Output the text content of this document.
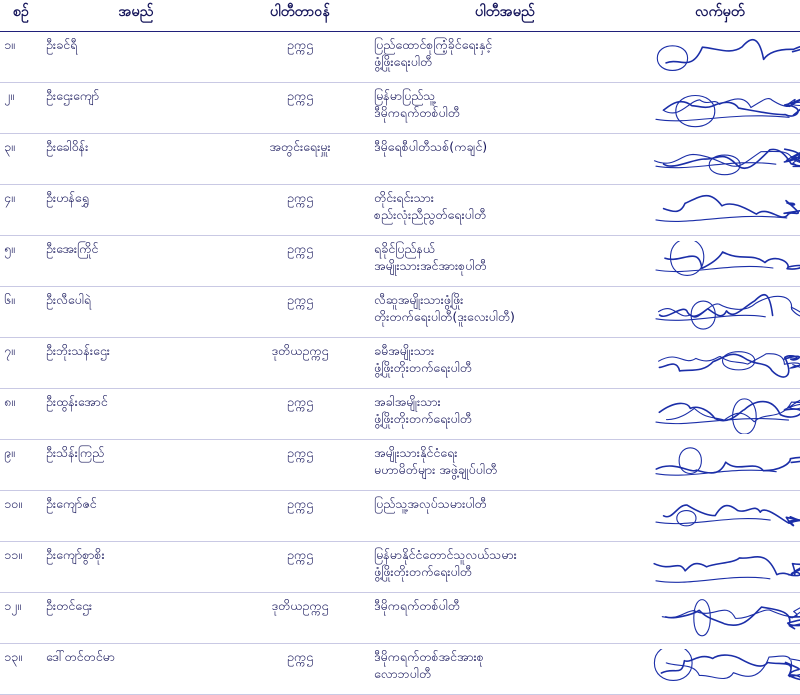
စဉ်	အမည်	ပါတီတာဝန်	ပါတီအမည်	လက်မှတ်
၁။	ဦးခင်ရီ	ဥက္ကဌ	ပြည်ထောင်စုကြံ့ခိုင်ရေးနှင့်
ဖွံ့ဖြိုးရေးပါတီ

၂။	ဦးဌေးကျော်	ဥက္ကဌ	မြန်မာပြည်သူ့
ဒီမိုကရက်တစ်ပါတီ

၃။	ဦးခေါဝိန်း	အတွင်းရေးမှူး	ဒီမိုရေစီပါတီသစ်(ကချင်)

၄။	ဦးဟန်ရွှေ	ဥက္ကဌ	တိုင်းရင်းသား
စည်းလုံးညီညွတ်ရေးပါတီ

၅။	ဦးအေးကြိုင်	ဥက္ကဌ	ရခိုင်ပြည်နယ်
အမျိုးသားအင်အားစုပါတီ

၆။	ဦးလီပေါရဲ	ဥက္ကဌ	လီဆူအမျိုးသားဖွံ့ဖြိုး
တိုးတက်ရေးပါတီ(ဒူးလေးပါတီ)

၇။	ဦးဘိုးသန်းဌေး	ဒုတိယဥက္ကဌ	ခမီအမျိုးသား
ဖွံ့ဖြိုးတိုးတက်ရေးပါတီ

၈။	ဦးထွန်းအောင်	ဥက္ကဌ	အခါအမျိုးသား
ဖွံ့ဖြိုးတိုးတက်ရေးပါတီ

၉။	ဦးသိန်းကြည်	ဥက္ကဌ	အမျိုးသားနိုင်ငံရေး
မဟာမိတ်များ အဖွဲ့ချုပ်ပါတီ

၁၀။	ဦးကျော်ဇင်	ဥက္ကဌ	ပြည်သူ့အလုပ်သမားပါတီ

၁၁။	ဦးကျော်စွာစိုး	ဥက္ကဌ	မြန်မာနိုင်ငံတောင်သူလယ်သမား
ဖွံ့ဖြိုးတိုးတက်ရေးပါတီ

၁၂။	ဦးတင်ဌေး	ဒုတိယဥက္ကဌ	ဒီမိုကရက်တစ်ပါတီ

၁၃။	ဒေါ်တင်တင်မာ	ဥက္ကဌ	ဒီမိုကရက်တစ်အင်အားစု
လောဘပါတီ
